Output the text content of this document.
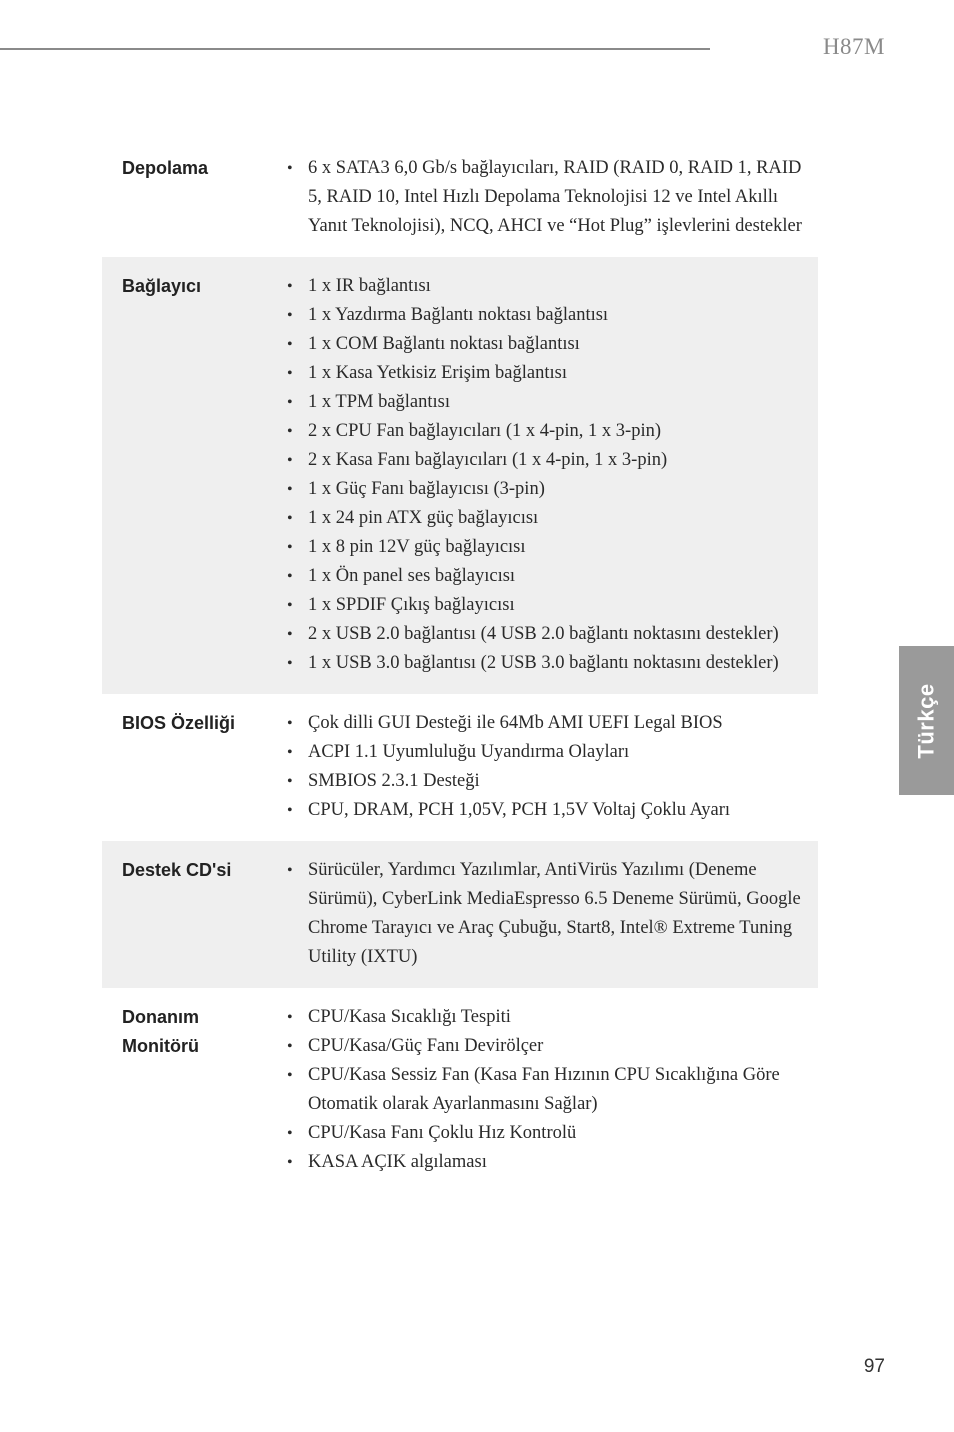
H87M
Türkçe
Depolama	• 6 x SATA3 6,0 Gb/s bağlayıcıları, RAID (RAID 0, RAID 1, RAID 5, RAID 10, Intel Hızlı Depolama Teknolojisi 12 ve Intel Akıllı Yanıt Teknolojisi), NCQ, AHCI ve “Hot Plug” işlevlerini destekler
Bağlayıcı	• 1 x IR bağlantısı
• 1 x Yazdırma Bağlantı noktası bağlantısı
• 1 x COM Bağlantı noktası bağlantısı
• 1 x Kasa Yetkisiz Erişim bağlantısı
• 1 x TPM bağlantısı
• 2 x CPU Fan bağlayıcıları (1 x 4-pin, 1 x 3-pin)
• 2 x Kasa Fanı bağlayıcıları (1 x 4-pin, 1 x 3-pin)
• 1 x Güç Fanı bağlayıcısı (3-pin)
• 1 x 24 pin ATX güç bağlayıcısı
• 1 x 8 pin 12V güç bağlayıcısı
• 1 x Ön panel ses bağlayıcısı
• 1 x SPDIF Çıkış bağlayıcısı
• 2 x USB 2.0 bağlantısı (4 USB 2.0 bağlantı noktasını destekler)
• 1 x USB 3.0 bağlantısı (2 USB 3.0 bağlantı noktasını destekler)
BIOS Özelliği	• Çok dilli GUI Desteği ile 64Mb AMI UEFI Legal BIOS
• ACPI 1.1 Uyumluluğu Uyandırma Olayları
• SMBIOS 2.3.1 Desteği
• CPU, DRAM, PCH 1,05V, PCH 1,5V Voltaj Çoklu Ayarı
Destek CD'si	• Sürücüler, Yardımcı Yazılımlar, AntiVirüs Yazılımı (Deneme Sürümü), CyberLink MediaEspresso 6.5 Deneme Sürümü, Google Chrome Tarayıcı ve Araç Çubuğu, Start8, Intel® Extreme Tuning Utility (IXTU)
Donanım
Monitörü
• CPU/Kasa Sıcaklığı Tespiti
• CPU/Kasa/Güç Fanı Devirölçer
• CPU/Kasa Sessiz Fan (Kasa Fan Hızının CPU Sıcaklığına Göre Otomatik olarak Ayarlanmasını Sağlar)
• CPU/Kasa Fanı Çoklu Hız Kontrolü
• KASA AÇIK algılaması
97
